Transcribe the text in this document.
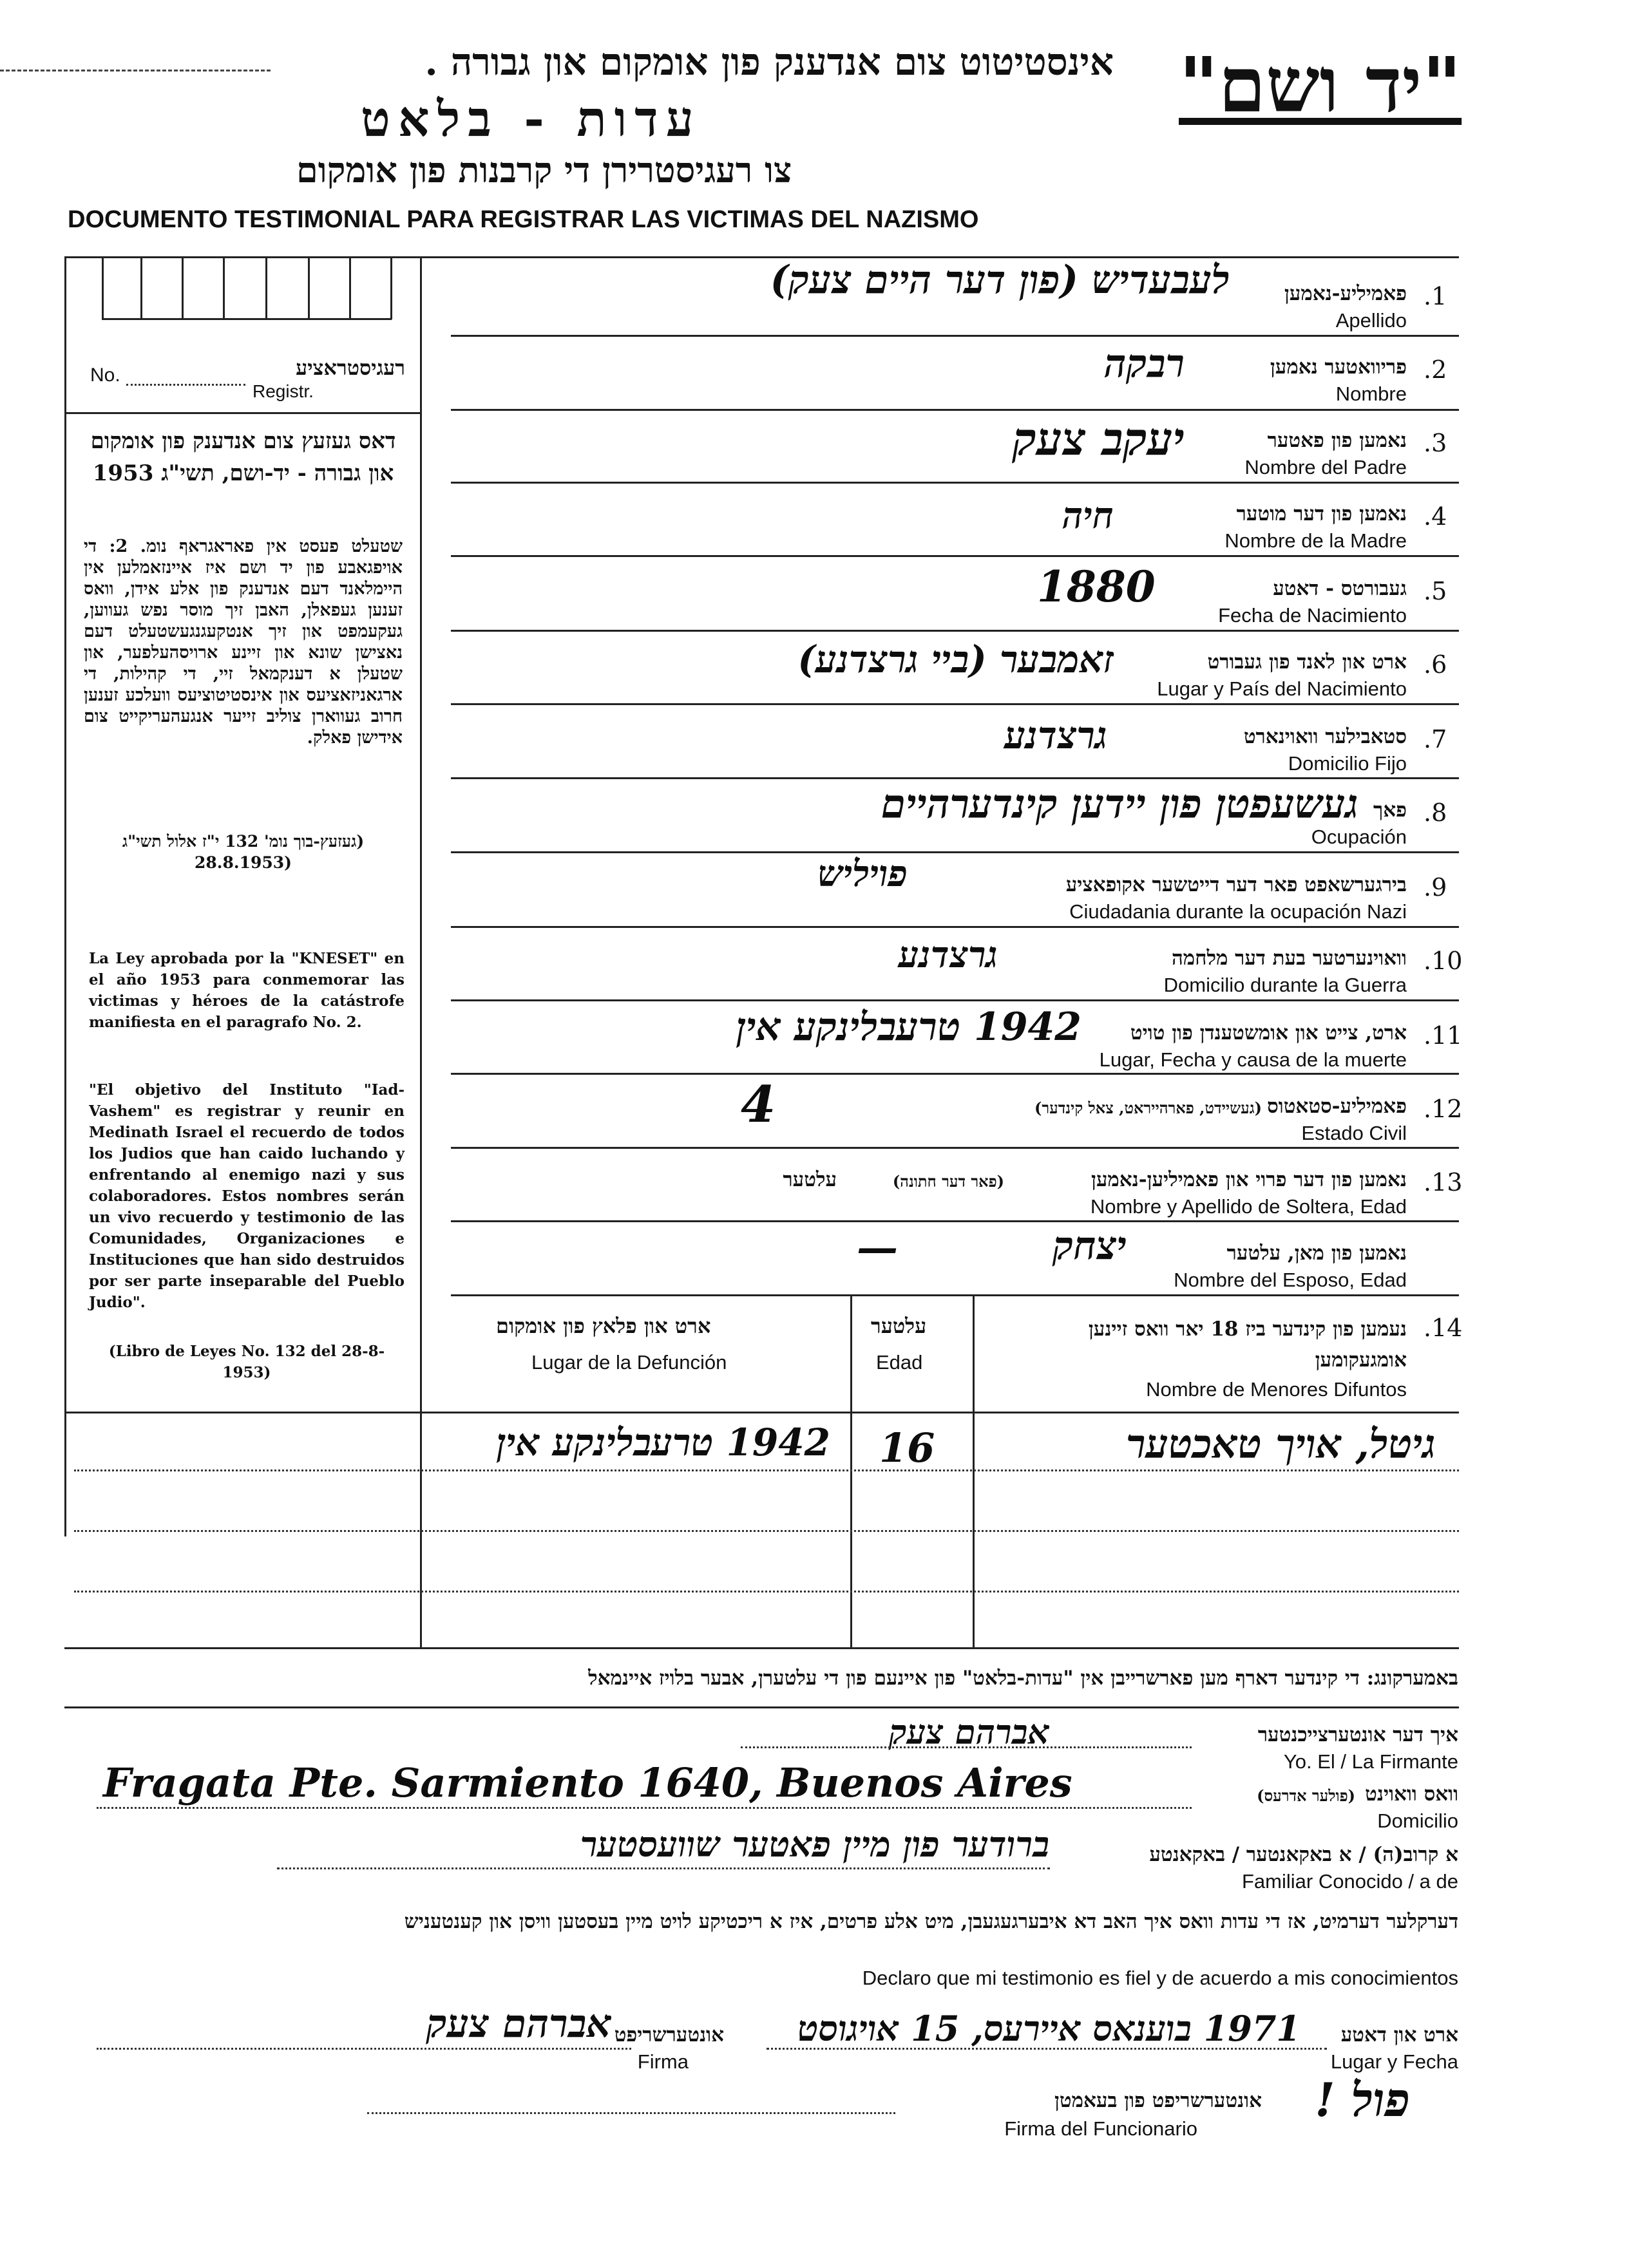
אינסטיטוט צום אנדענק פון אומקום און גבורה .
עדות - בלאט
צו רעגיסטרירן די קרבנות פון אומקום
DOCUMENTO TESTIMONIAL PARA REGISTRAR LAS VICTIMAS DEL NAZISMO
"יד ושם"
No.	רעגיסטראציע
Registr.
דאס געזעץ צום אנדענק פון אומקום און גבורה - יד-ושם, תשי"ג 1953
שטעלט פעסט אין פאראגראף נומ. 2: די אויפגאבע פון יד ושם איז איינזאמלען אין היימלאנד דעם אנדענק פון אלע אידן, וואס זענען געפאלן, האבן זיך מוסר נפש געווען, געקעמפט און זיך אנטקעגנגעשטעלט דעם נאצישן שונא און זיינע ארויסהעלפער, און שטעלן א דענקמאל זיי, די קהילות, די ארגאניזאציעס און אינסטיטוציעס וועלכע זענען חרוב געווארן צוליב זייער אנגעהעריקייט צום אידישן פאלק.
(געזעץ-בוך נומ' 132 י"ז אלול תשי"ג (28.8.1953
La Ley aprobada por la "KNESET" en el año 1953 para conmemorar las victimas y héroes de la catástrofe manifiesta en el paragrafo No. 2.
"El objetivo del Instituto "Iad-Vashem" es registrar y reunir en Medinath Israel el recuerdo de todos los Judios que han caido luchando y enfrentando al enemigo nazi y sus colaboradores. Estos nombres serán un vivo recuerdo y testimonio de las Comunidades, Organizaciones e Instituciones que han sido destruidos por ser parte inseparable del Pueblo Judio".
(Libro de Leyes No. 132 del 28-8-1953)
.1
פאמיליע-נאמען
Apellido
לעבעדיש (פון דער היים צעק)
.2
פריוואטער נאמען
Nombre
רבקה
.3
נאמען פון פאטער
Nombre del Padre
יעקב צעק
.4
נאמען פון דער מוטער
Nombre de la Madre
חיה
.5
געבורטס - דאטע
Fecha de Nacimiento
1880
.6
ארט און לאנד פון געבורט
Lugar y País del Nacimiento
זאמבער (ביי גרצדנע)
.7
סטאבילער וואוינארט
Domicilio Fijo
גרצדנע
.8
פאך
Ocupación
געשעפטן פון יידען קינדערהיים
.9
בירגערשאפט פאר דער דייטשער אקופאציע
Ciudadania durante la ocupación Nazi
פויליש
.10
וואוינערטער בעת דער מלחמה
Domicilio durante la Guerra
גרצדנע
.11
ארט, צייט און אומשטענדן פון טויט
Lugar, Fecha y causa de la muerte
1942 טרעבלינקע אין
.12
פאמיליע-סטאטוס
(געשיידט, פארהייראט, צאל קינדער)
Estado Civil
4
.13
נאמען פון דער פרוי און פאמיליען-נאמען
(פאר דער חתונה)
עלטער
Nombre y Apellido de Soltera, Edad
נאמען פון מאן, עלטער
Nombre del Esposo, Edad
יצחק
—
.14
נעמען פון קינדער ביז 18 יאר וואס זיינען אומגעקומען
Nombre de Menores Difuntos
עלטער
Edad
ארט און פלאץ פון אומקום
Lugar de la Defunción
גיטל, אויך טאכטער
16
1942 טרעבלינקע אין
באמערקונג: די קינדער דארף מען פארשרייבן אין "עדות-בלאט" פון איינעם פון די עלטערן, אבער בלויז איינמאל
איך דער אונטערצייכנטער
אברהם צעק
Yo. El / La Firmante
וואס וואוינט
(פולער אדרעס)
Fragata Pte. Sarmiento 1640, Buenos Aires
Domicilio
א קרוב(ה) / א באקאנטער / באקאנטע
ברודער פון מיין פאטער שוועסטער
Familiar Conocido / a de
דערקלער דערמיט, אז די עדות וואס איך האב דא איבערגעגעבן, מיט אלע פרטים, איז א ריכטיקע לויט מיין בעסטען וויסן און קענטעניש
Declaro que mi testimonio es fiel y de acuerdo a mis conocimientos
ארט און דאטע
1971 בוענאס איירעס, 15 אויגוסט
Lugar y Fecha
אונטערשריפט
Firma
אברהם צעק
אונטערשריפט פון בעאמטן
Firma del Funcionario
פול !
